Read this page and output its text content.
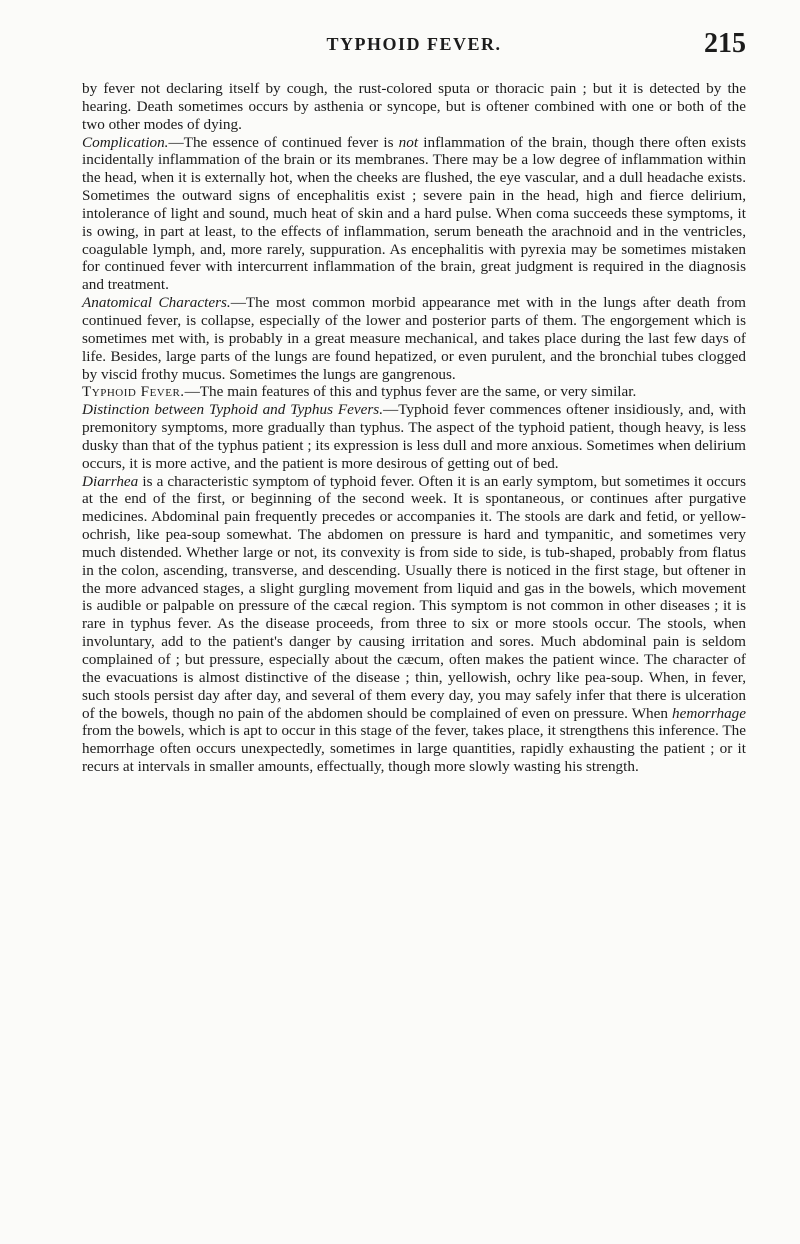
TYPHOID FEVER.	215

by fever not declaring itself by cough, the rust-colored sputa or thoracic pain ; but it is detected by the hearing. Death sometimes occurs by asthenia or syncope, but is oftener combined with one or both of the two other modes of dying.

Complication.—The essence of continued fever is not inflammation of the brain, though there often exists incidentally inflammation of the brain or its membranes. There may be a low degree of inflammation within the head, when it is externally hot, when the cheeks are flushed, the eye vascular, and a dull headache exists. Sometimes the outward signs of encephalitis exist ; severe pain in the head, high and fierce delirium, intolerance of light and sound, much heat of skin and a hard pulse. When coma succeeds these symptoms, it is owing, in part at least, to the effects of inflammation, serum beneath the arachnoid and in the ventricles, coagulable lymph, and, more rarely, suppuration. As encephalitis with pyrexia may be sometimes mistaken for continued fever with intercurrent inflammation of the brain, great judgment is required in the diagnosis and treatment.

Anatomical Characters.—The most common morbid appearance met with in the lungs after death from continued fever, is collapse, especially of the lower and posterior parts of them. The engorgement which is sometimes met with, is probably in a great measure mechanical, and takes place during the last few days of life. Besides, large parts of the lungs are found hepatized, or even purulent, and the bronchial tubes clogged by viscid frothy mucus. Sometimes the lungs are gangrenous.

Typhoid Fever.—The main features of this and typhus fever are the same, or very similar.

Distinction between Typhoid and Typhus Fevers.—Typhoid fever commences oftener insidiously, and, with premonitory symptoms, more gradually than typhus. The aspect of the typhoid patient, though heavy, is less dusky than that of the typhus patient ; its expression is less dull and more anxious. Sometimes when delirium occurs, it is more active, and the patient is more desirous of getting out of bed.

Diarrhea is a characteristic symptom of typhoid fever. Often it is an early symptom, but sometimes it occurs at the end of the first, or beginning of the second week. It is spontaneous, or continues after purgative medicines. Abdominal pain frequently precedes or accompanies it. The stools are dark and fetid, or yellow-ochrish, like pea-soup somewhat. The abdomen on pressure is hard and tympanitic, and sometimes very much distended. Whether large or not, its convexity is from side to side, is tub-shaped, probably from flatus in the colon, ascending, transverse, and descending. Usually there is noticed in the first stage, but oftener in the more advanced stages, a slight gurgling movement from liquid and gas in the bowels, which movement is audible or palpable on pressure of the cæcal region. This symptom is not common in other diseases ; it is rare in typhus fever. As the disease proceeds, from three to six or more stools occur. The stools, when involuntary, add to the patient's danger by causing irritation and sores. Much abdominal pain is seldom complained of ; but pressure, especially about the cæcum, often makes the patient wince. The character of the evacuations is almost distinctive of the disease ; thin, yellowish, ochry like pea-soup. When, in fever, such stools persist day after day, and several of them every day, you may safely infer that there is ulceration of the bowels, though no pain of the abdomen should be complained of even on pressure. When hemorrhage from the bowels, which is apt to occur in this stage of the fever, takes place, it strengthens this inference. The hemorrhage often occurs unexpectedly, sometimes in large quantities, rapidly exhausting the patient ; or it recurs at intervals in smaller amounts, effectually, though more slowly wasting his strength.
